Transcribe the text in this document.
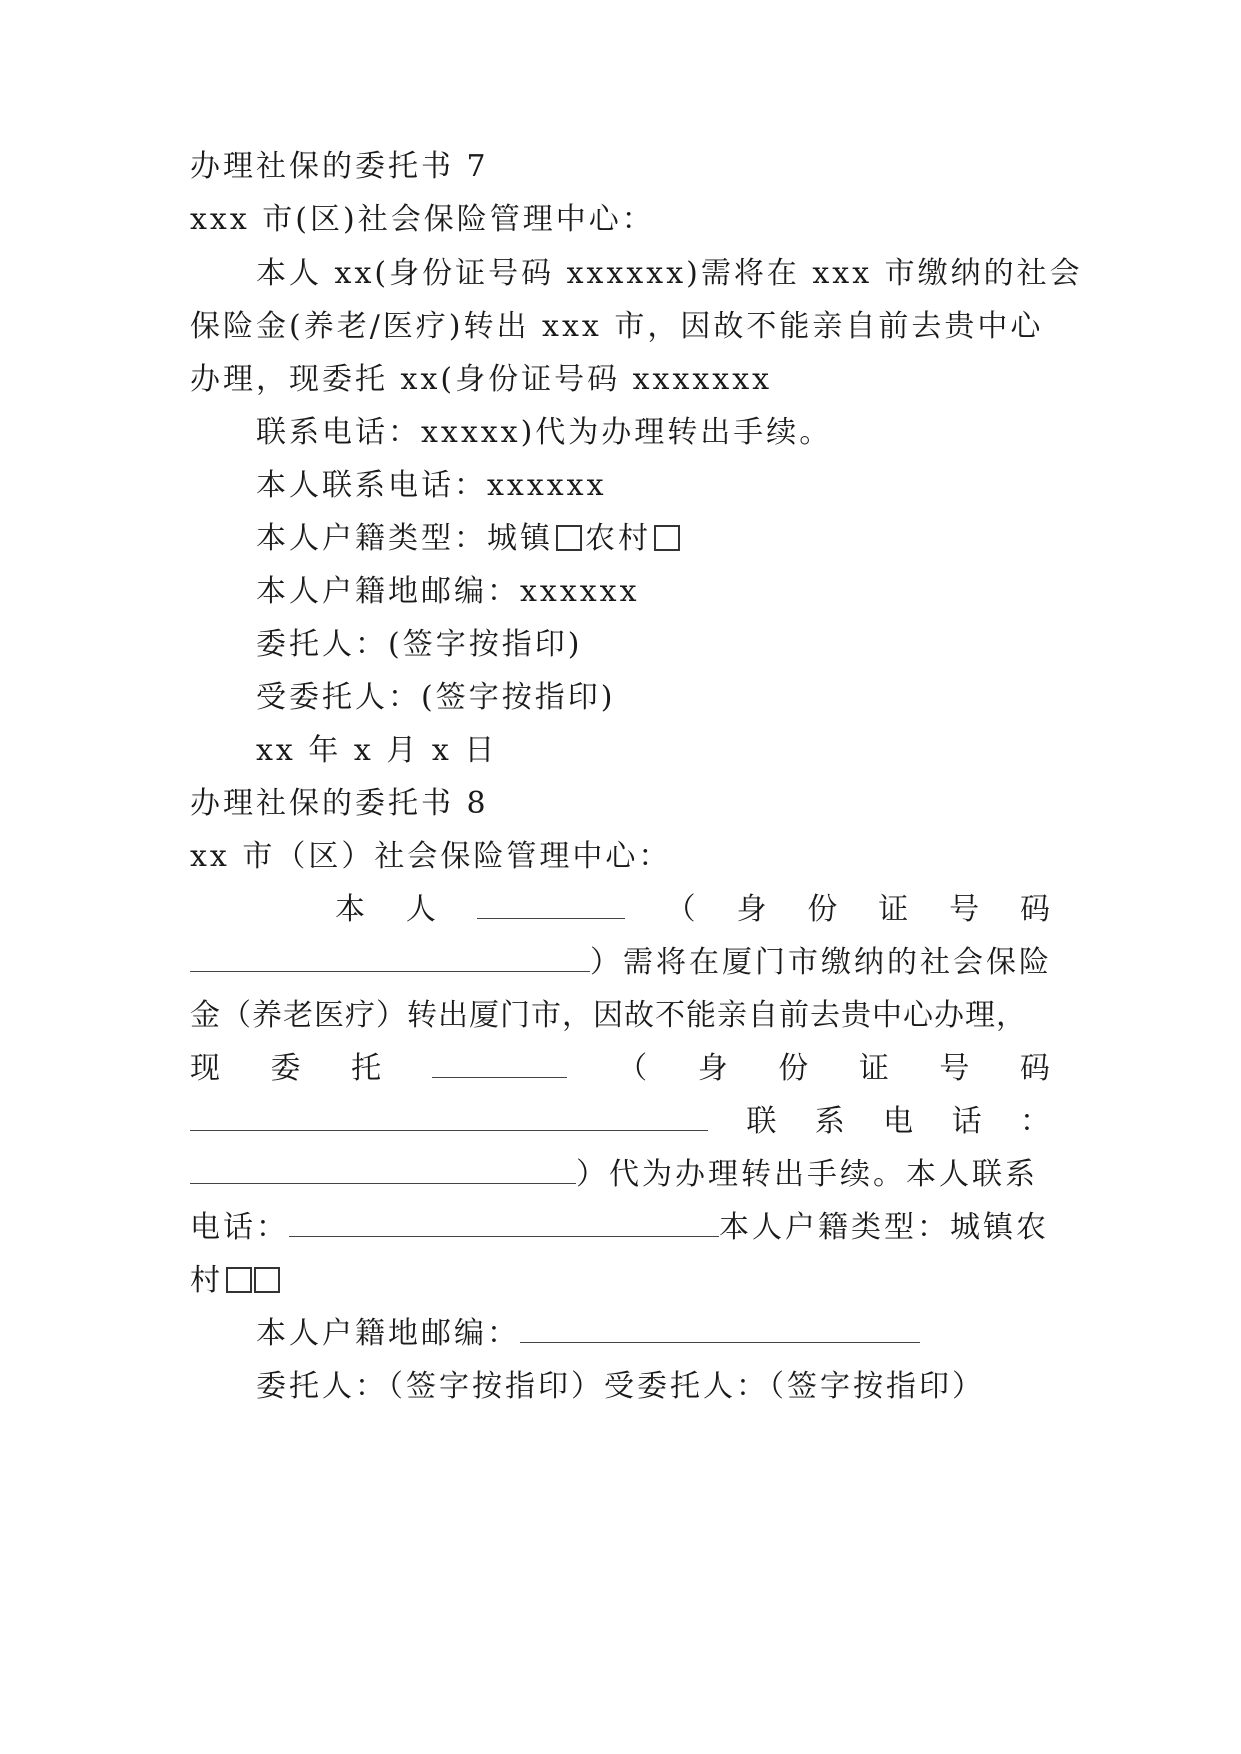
办理社保的委托书 7
xxx 市(区)社会保险管理中心：
本人 xx(身份证号码 xxxxxx)需将在 xxx 市缴纳的社会
保险金(养老/医疗)转出 xxx 市，因故不能亲自前去贵中心
办理，现委托 xx(身份证号码 xxxxxxx
联系电话：xxxxx)代为办理转出手续。
本人联系电话：xxxxxx
本人户籍类型：城镇 农村
本人户籍地邮编：xxxxxx
委托人：(签字按指印)
受委托人：(签字按指印)
xx 年 x 月 x 日
办理社保的委托书 8
xx 市（区）社会保险管理中心：
本 人	（ 身 份 证 号 码
）需将在厦门市缴纳的社会保险
金（养老医疗）转出厦门市，因故不能亲自前去贵中心办理，
现 委 托	（ 身 份 证 号 码
联 系 电 话 ：
）代为办理转出手续。本人联系
电话：	本人户籍类型：城镇农
村
本人户籍地邮编：
委托人：（签字按指印）受委托人：（签字按指印）
